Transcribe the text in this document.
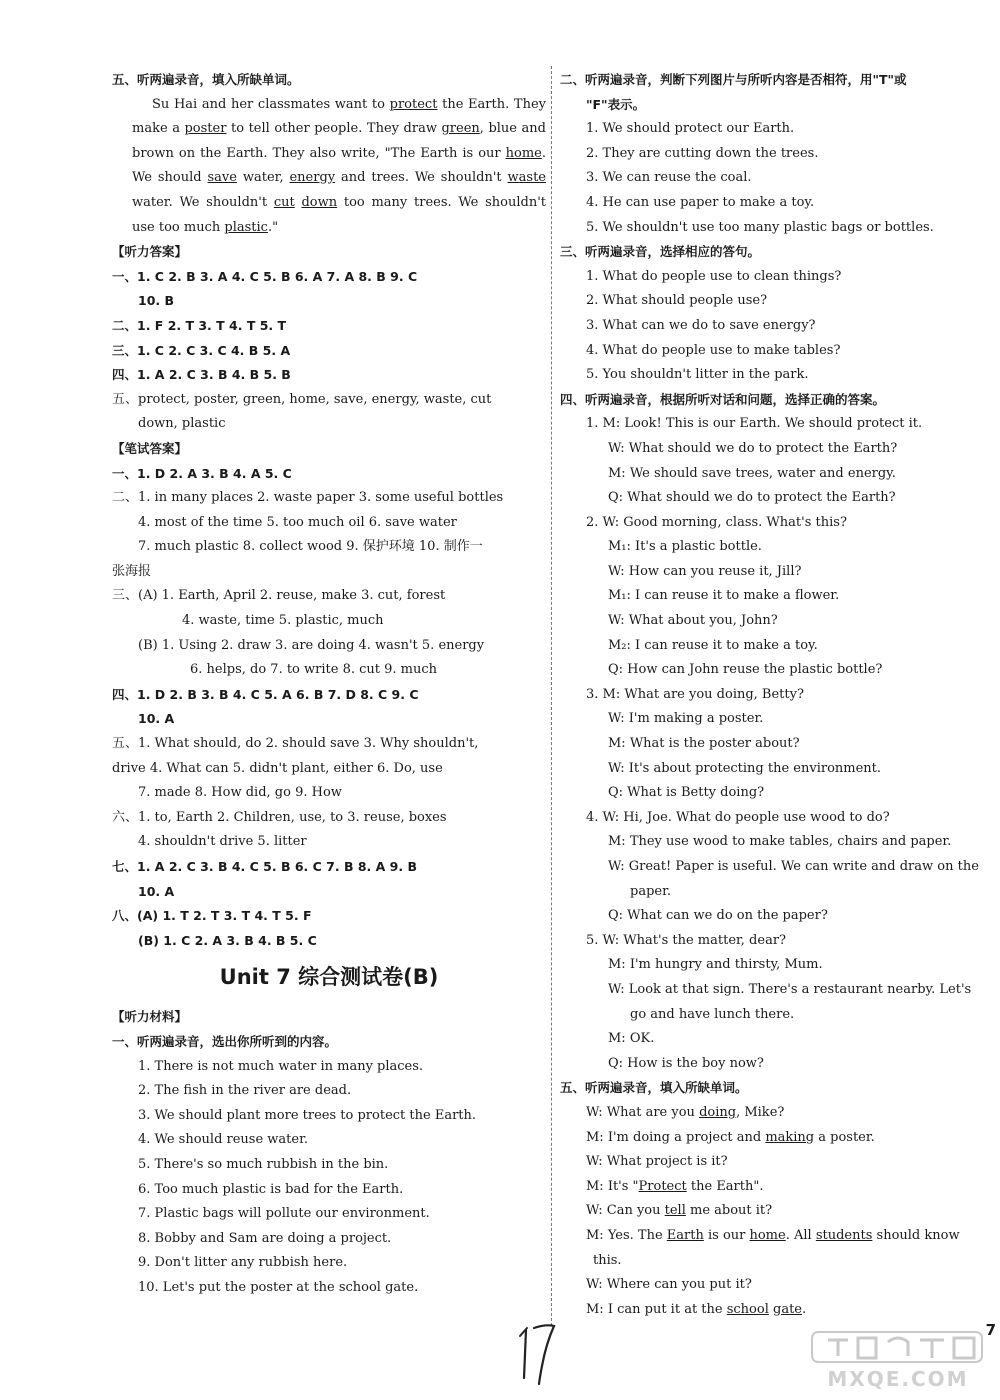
五、听两遍录音，填入所缺单词。
Su Hai and her classmates want to protect the Earth. They make a poster to tell other people. They draw green, blue and brown on the Earth. They also write, "The Earth is our home. We should save water, energy and trees. We shouldn't waste water. We shouldn't cut down too many trees. We shouldn't use too much plastic."
【听力答案】
一、1. C 2. B 3. A 4. C 5. B 6. A 7. A 8. B 9. C
10. B
二、1. F 2. T 3. T 4. T 5. T
三、1. C 2. C 3. C 4. B 5. A
四、1. A 2. C 3. B 4. B 5. B
五、protect, poster, green, home, save, energy, waste, cut
down, plastic
【笔试答案】
一、1. D 2. A 3. B 4. A 5. C
二、1. in many places 2. waste paper 3. some useful bottles
4. most of the time 5. too much oil 6. save water
7. much plastic 8. collect wood 9. 保护环境 10. 制作一
张海报
三、(A) 1. Earth, April 2. reuse, make 3. cut, forest
4. waste, time 5. plastic, much
(B) 1. Using 2. draw 3. are doing 4. wasn't 5. energy
6. helps, do 7. to write 8. cut 9. much
四、1. D 2. B 3. B 4. C 5. A 6. B 7. D 8. C 9. C
10. A
五、1. What should, do 2. should save 3. Why shouldn't,
drive 4. What can 5. didn't plant, either 6. Do, use
7. made 8. How did, go 9. How
六、1. to, Earth 2. Children, use, to 3. reuse, boxes
4. shouldn't drive 5. litter
七、1. A 2. C 3. B 4. C 5. B 6. C 7. B 8. A 9. B
10. A
八、(A) 1. T 2. T 3. T 4. T 5. F
(B) 1. C 2. A 3. B 4. B 5. C
Unit 7 综合测试卷(B)
【听力材料】
一、听两遍录音，选出你所听到的内容。
1. There is not much water in many places.
2. The fish in the river are dead.
3. We should plant more trees to protect the Earth.
4. We should reuse water.
5. There's so much rubbish in the bin.
6. Too much plastic is bad for the Earth.
7. Plastic bags will pollute our environment.
8. Bobby and Sam are doing a project.
9. Don't litter any rubbish here.
10. Let's put the poster at the school gate.
二、听两遍录音，判断下列图片与所听内容是否相符，用"T"或
"F"表示。
1. We should protect our Earth.
2. They are cutting down the trees.
3. We can reuse the coal.
4. He can use paper to make a toy.
5. We shouldn't use too many plastic bags or bottles.
三、听两遍录音，选择相应的答句。
1. What do people use to clean things?
2. What should people use?
3. What can we do to save energy?
4. What do people use to make tables?
5. You shouldn't litter in the park.
四、听两遍录音，根据所听对话和问题，选择正确的答案。
1. M: Look! This is our Earth. We should protect it.
W: What should we do to protect the Earth?
M: We should save trees, water and energy.
Q: What should we do to protect the Earth?
2. W: Good morning, class. What's this?
M₁: It's a plastic bottle.
W: How can you reuse it, Jill?
M₁: I can reuse it to make a flower.
W: What about you, John?
M₂: I can reuse it to make a toy.
Q: How can John reuse the plastic bottle?
3. M: What are you doing, Betty?
W: I'm making a poster.
M: What is the poster about?
W: It's about protecting the environment.
Q: What is Betty doing?
4. W: Hi, Joe. What do people use wood to do?
M: They use wood to make tables, chairs and paper.
W: Great! Paper is useful. We can write and draw on the
paper.
Q: What can we do on the paper?
5. W: What's the matter, dear?
M: I'm hungry and thirsty, Mum.
W: Look at that sign. There's a restaurant nearby. Let's
go and have lunch there.
M: OK.
Q: How is the boy now?
五、听两遍录音，填入所缺单词。
W: What are you doing, Mike?
M: I'm doing a project and making a poster.
W: What project is it?
M: It's "Protect the Earth".
W: Can you tell me about it?
M: Yes. The Earth is our home. All students should know
this.
W: Where can you put it?
M: I can put it at the school gate.
MXQE.COM
7
